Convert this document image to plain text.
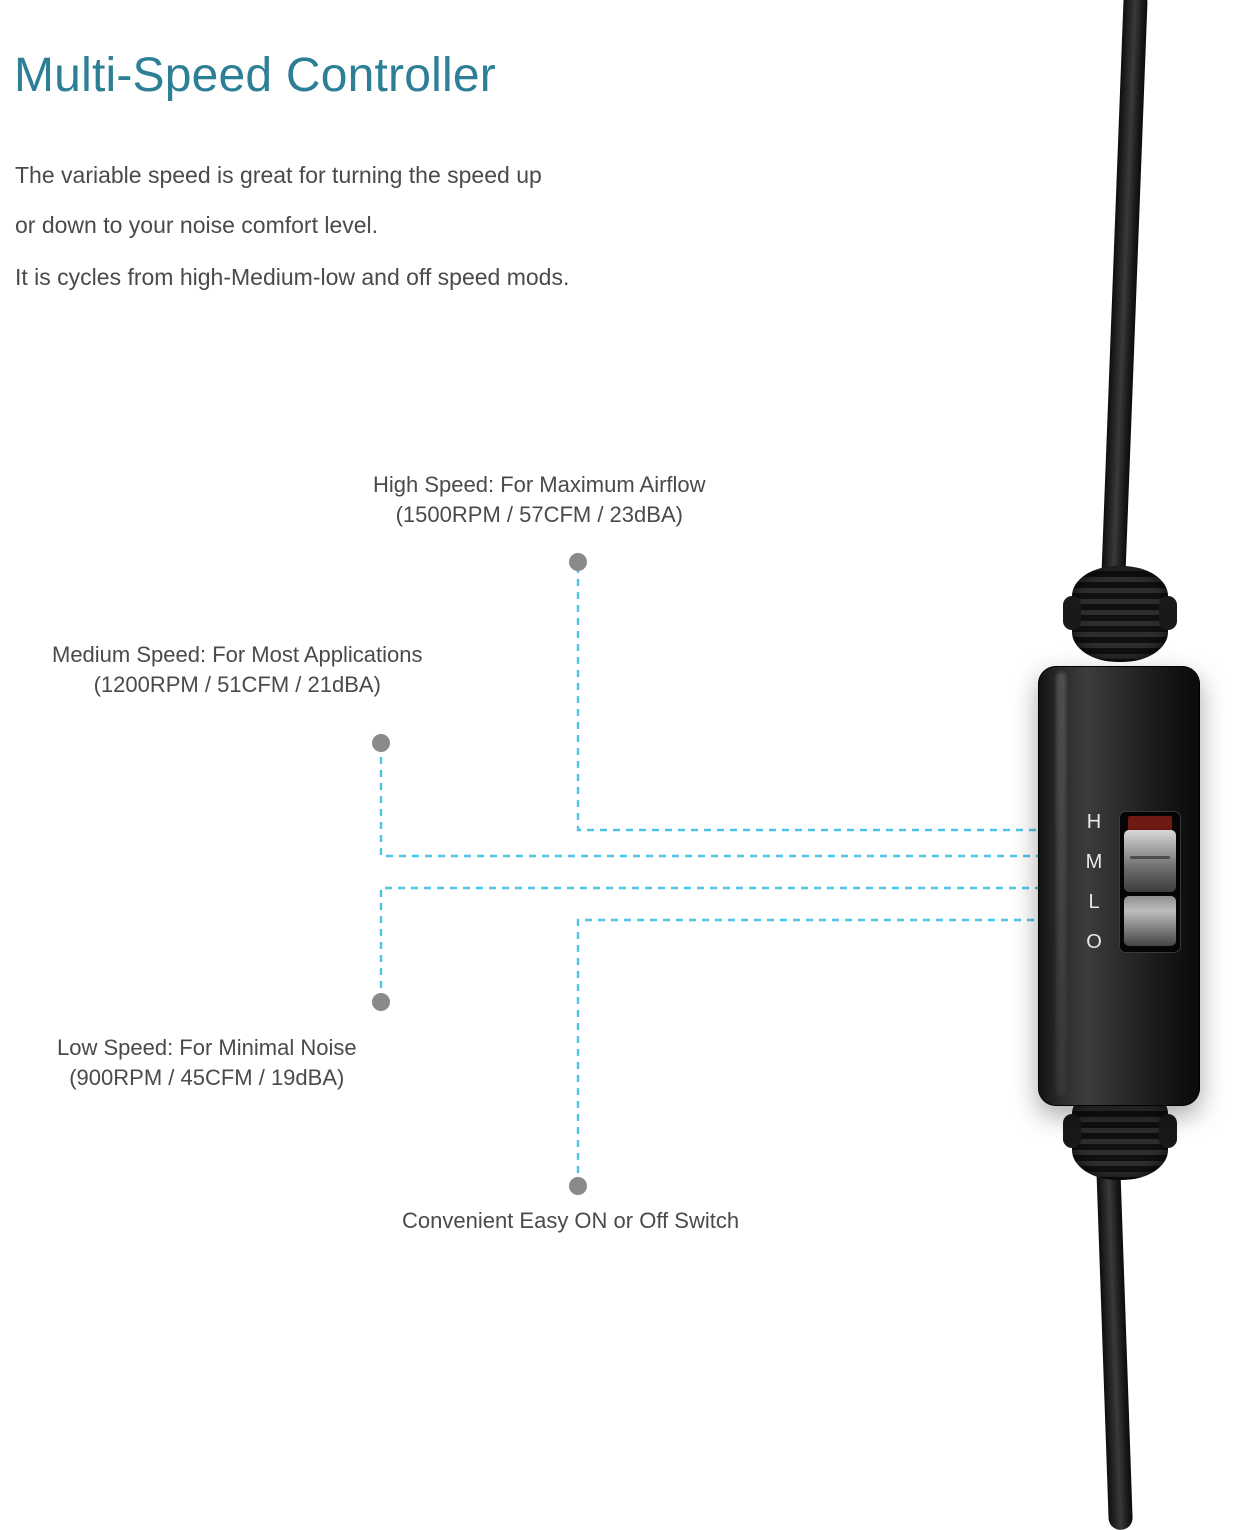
Multi-Speed Controller
The variable speed is great for turning the speed up
or down to your noise comfort level.
It is cycles from high-Medium-low and off speed mods.
High Speed: For Maximum Airflow
(1500RPM / 57CFM / 23dBA)
Medium Speed: For Most Applications
(1200RPM / 51CFM / 21dBA)
Low Speed: For Minimal Noise
(900RPM / 45CFM / 19dBA)
Convenient Easy ON or Off Switch
H
M
L
O
